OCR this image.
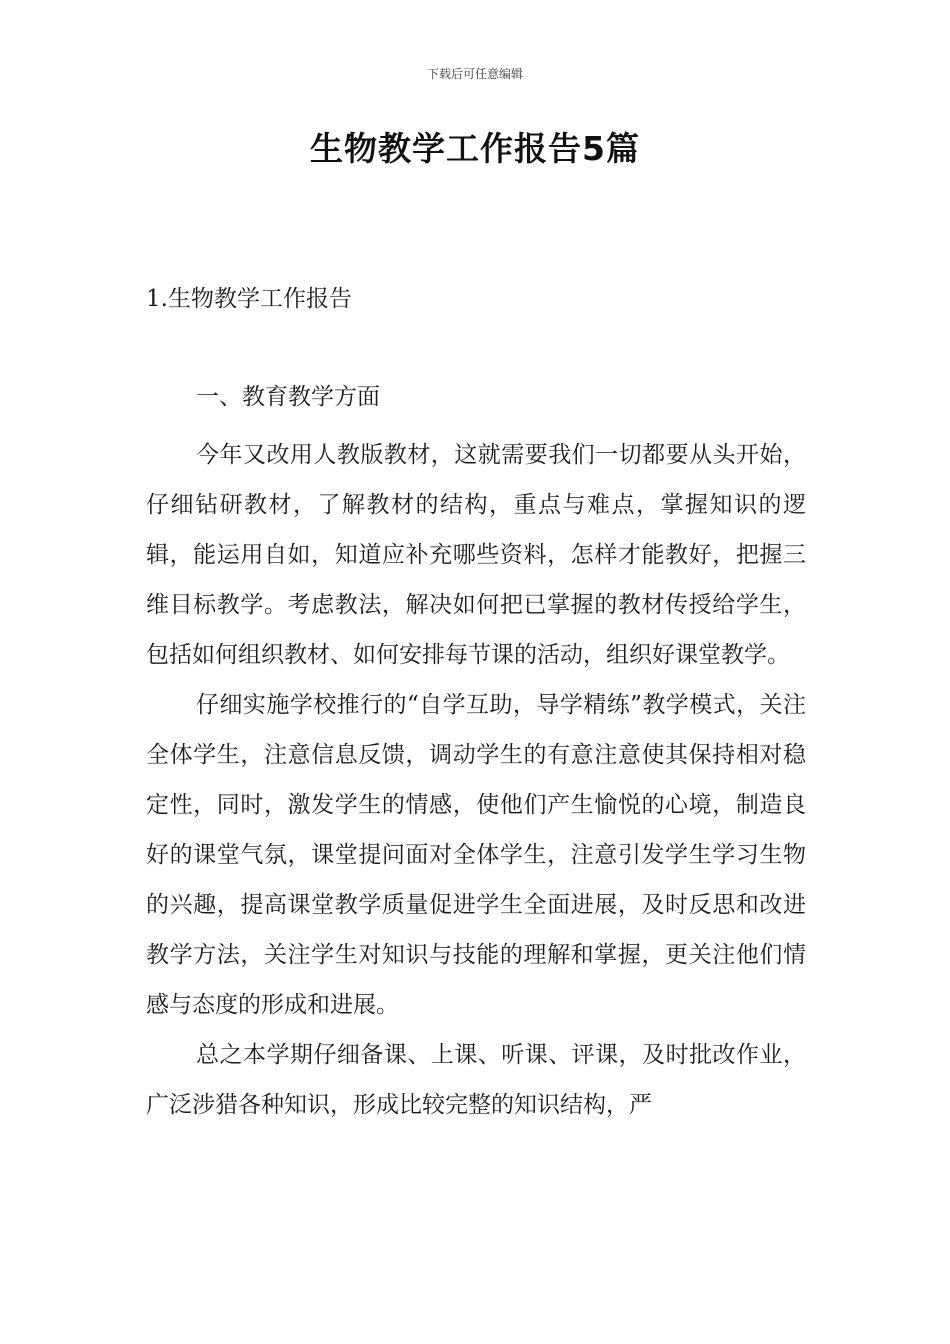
下载后可任意编辑
生物教学工作报告5篇
1.生物教学工作报告
一、教育教学方面

今年又改用人教版教材，这就需要我们一切都要从头开始，仔细钻研教材，了解教材的结构，重点与难点，掌握知识的逻辑，能运用自如，知道应补充哪些资料，怎样才能教好，把握三维目标教学。考虑教法，解决如何把已掌握的教材传授给学生，包括如何组织教材、如何安排每节课的活动，组织好课堂教学。

仔细实施学校推行的“自学互助，导学精练”教学模式，关注全体学生，注意信息反馈，调动学生的有意注意使其保持相对稳定性，同时，激发学生的情感，使他们产生愉悦的心境，制造良好的课堂气氛，课堂提问面对全体学生，注意引发学生学习生物的兴趣，提高课堂教学质量促进学生全面进展，及时反思和改进教学方法，关注学生对知识与技能的理解和掌握，更关注他们情感与态度的形成和进展。

总之本学期仔细备课、上课、听课、评课，及时批改作业，广泛涉猎各种知识，形成比较完整的知识结构，严
